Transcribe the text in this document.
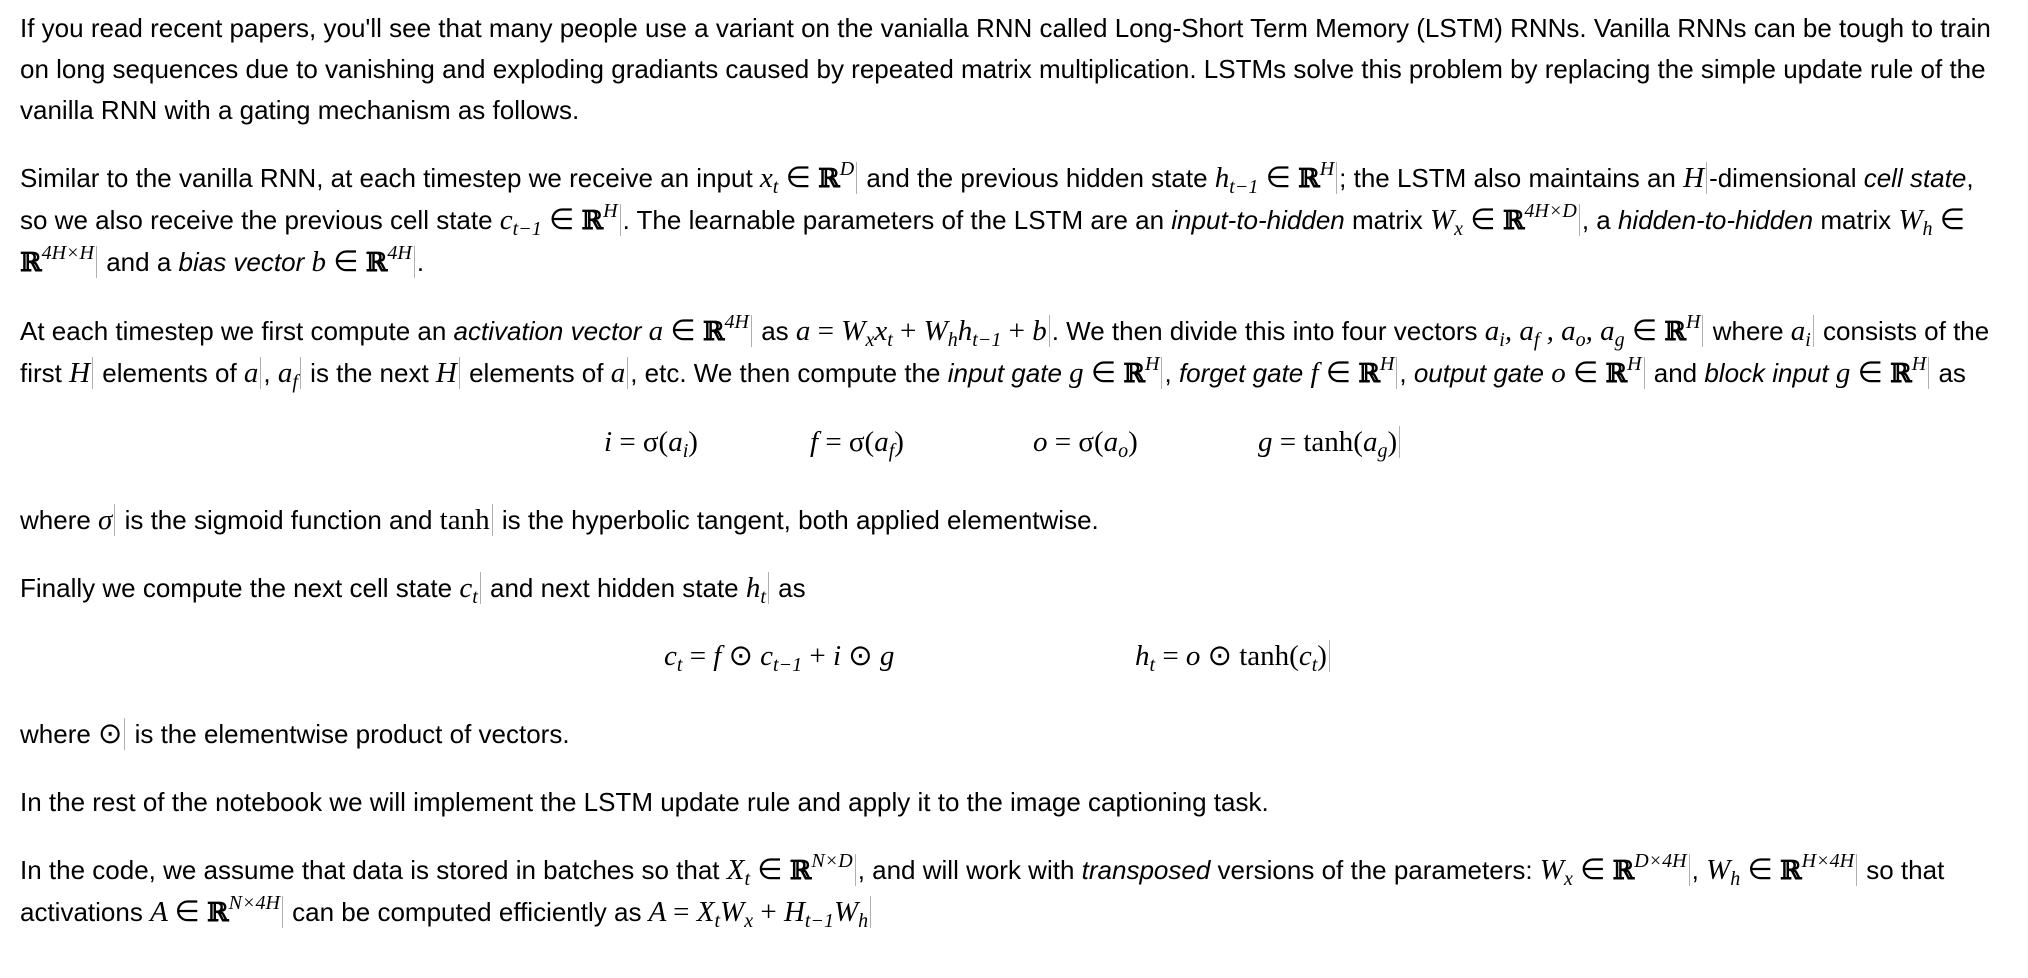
If you read recent papers, you'll see that many people use a variant on the vanialla RNN called Long-Short Term Memory (LSTM) RNNs. Vanilla RNNs can be tough to train on long sequences due to vanishing and exploding gradiants caused by repeated matrix multiplication. LSTMs solve this problem by replacing the simple update rule of the vanilla RNN with a gating mechanism as follows.

Similar to the vanilla RNN, at each timestep we receive an input $x_t$ ∈ ℝ$^D$ and the previous hidden state $h_{t-1}$ ∈ ℝ$^H$ ; the LSTM also maintains an H -dimensional cell state, so we also receive the previous cell state $c_{t-1}$ ∈ ℝ$^H$ . The learnable parameters of the LSTM are an input-to-hidden matrix $W_x$ ∈ ℝ$^{4H\times D}$ , a hidden-to-hidden matrix $W_h$ ∈ ℝ$^{4H\times H}$ and a bias vector b ∈ ℝ$^{4H}$ .

At each timestep we first compute an activation vector a ∈ ℝ$^{4H}$ as $a = W_xx_t + W_hh_{t-1} + b$ . We then divide this into four vectors $a_i$, $a_f$ , $a_o$, $a_g$ ∈ ℝ$^H$ where $a_i$ consists of the first H elements of a , $a_f$ is the next H elements of a , etc. We then compute the input gate g ∈ ℝ$^H$ , forget gate f ∈ ℝ$^H$ , output gate o ∈ ℝ$^H$ and block input g ∈ ℝ$^H$ as

$i = \sigma(a_i)$	$f = \sigma(a_f)$	$o = \sigma(a_o)$	$g = \tanh(a_g)$

where σ is the sigmoid function and tanh is the hyperbolic tangent, both applied elementwise.

Finally we compute the next cell state $c_t$ and next hidden state $h_t$ as

$c_t = f$ ⊙ $c_{t-1} + i$ ⊙ g	$h_t = o$ ⊙ $\tanh(c_t)$

where ⊙ is the elementwise product of vectors.

In the rest of the notebook we will implement the LSTM update rule and apply it to the image captioning task.

In the code, we assume that data is stored in batches so that $X_t$ ∈ ℝ$^{N\times D}$ , and will work with transposed versions of the parameters: $W_x$ ∈ ℝ$^{D\times 4H}$ , $W_h$ ∈ ℝ$^{H\times 4H}$ so that activations A ∈ ℝ$^{N\times 4H}$ can be computed efficiently as $A = X_tW_x + H_{t-1}W_h$
